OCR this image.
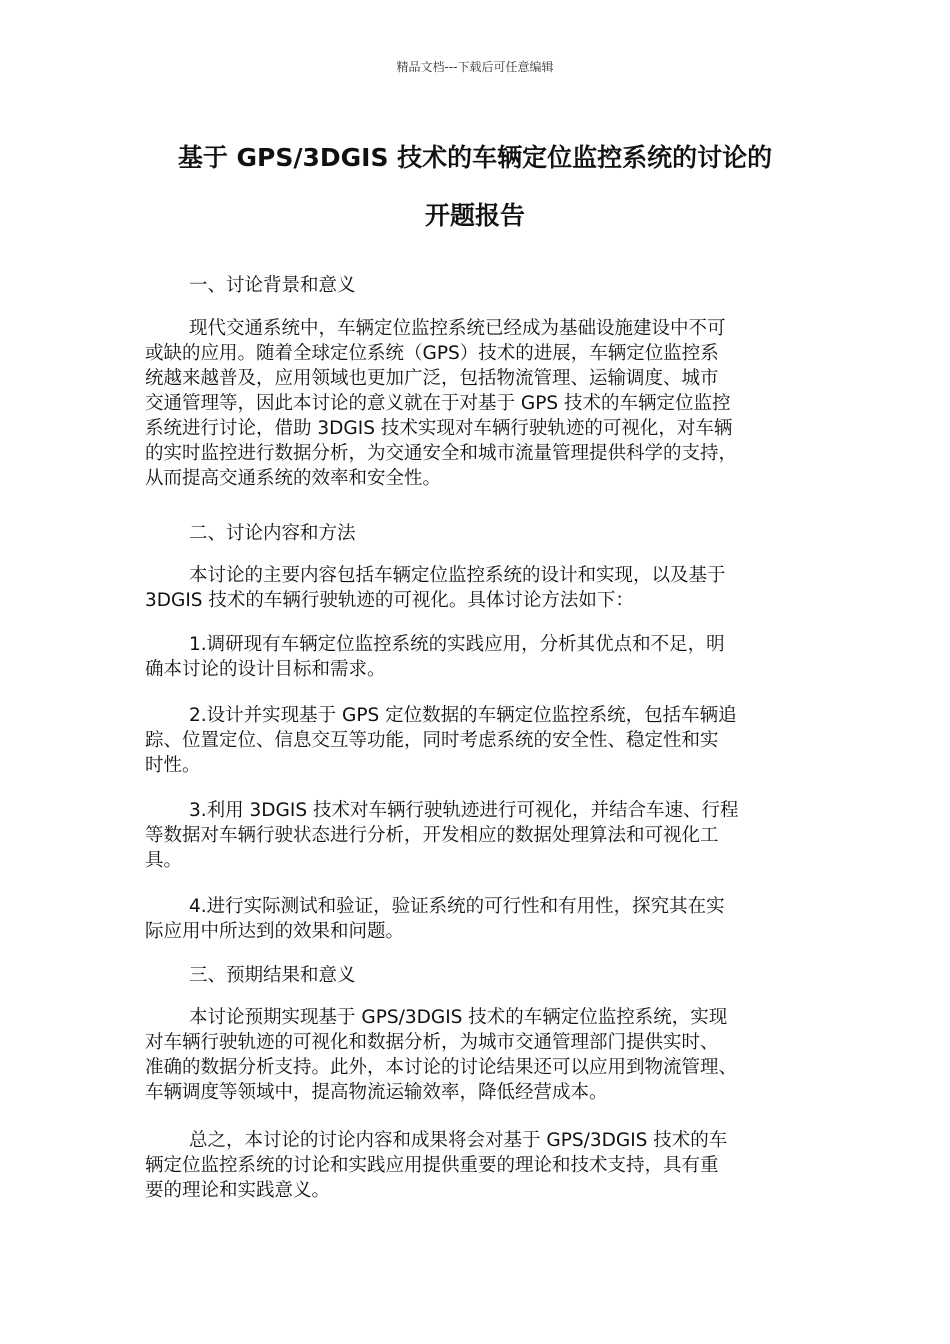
精品文档---下载后可任意编辑
基于 GPS/3DGIS 技术的车辆定位监控系统的讨论的
开题报告
一、讨论背景和意义
现代交通系统中，车辆定位监控系统已经成为基础设施建设中不可
或缺的应用。随着全球定位系统（GPS）技术的进展，车辆定位监控系
统越来越普及，应用领域也更加广泛，包括物流管理、运输调度、城市
交通管理等，因此本讨论的意义就在于对基于 GPS 技术的车辆定位监控
系统进行讨论，借助 3DGIS 技术实现对车辆行驶轨迹的可视化，对车辆
的实时监控进行数据分析，为交通安全和城市流量管理提供科学的支持，
从而提高交通系统的效率和安全性。
二、讨论内容和方法
本讨论的主要内容包括车辆定位监控系统的设计和实现，以及基于
3DGIS 技术的车辆行驶轨迹的可视化。具体讨论方法如下：
1.调研现有车辆定位监控系统的实践应用，分析其优点和不足，明
确本讨论的设计目标和需求。
2.设计并实现基于 GPS 定位数据的车辆定位监控系统，包括车辆追
踪、位置定位、信息交互等功能，同时考虑系统的安全性、稳定性和实
时性。
3.利用 3DGIS 技术对车辆行驶轨迹进行可视化，并结合车速、行程
等数据对车辆行驶状态进行分析，开发相应的数据处理算法和可视化工
具。
4.进行实际测试和验证，验证系统的可行性和有用性，探究其在实
际应用中所达到的效果和问题。
三、预期结果和意义
本讨论预期实现基于 GPS/3DGIS 技术的车辆定位监控系统，实现
对车辆行驶轨迹的可视化和数据分析，为城市交通管理部门提供实时、
准确的数据分析支持。此外，本讨论的讨论结果还可以应用到物流管理、
车辆调度等领域中，提高物流运输效率，降低经营成本。
总之，本讨论的讨论内容和成果将会对基于 GPS/3DGIS 技术的车
辆定位监控系统的讨论和实践应用提供重要的理论和技术支持，具有重
要的理论和实践意义。
